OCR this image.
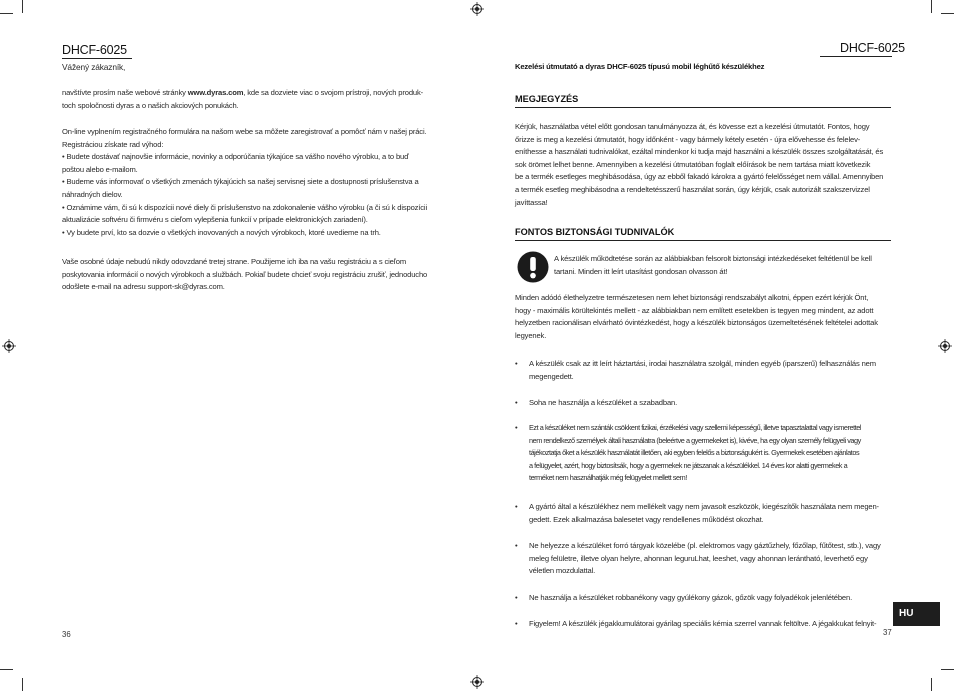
DHCF-6025
Vážený zákazník,
navštívte prosím naše webové stránky www.dyras.com, kde sa dozviete viac o svojom prístroji, nových produk-
toch spoločnosti dyras a o našich akciových ponukách.
On-line vyplnením registračného formulára na našom webe sa môžete zaregistrovať a pomôcť nám v našej práci.
Registráciou získate rad výhod:
• Budete dostávať najnovšie informácie, novinky a odporúčania týkajúce sa vášho nového výrobku, a to buď
poštou alebo e-mailom.
• Budeme vás informovať o všetkých zmenách týkajúcich sa našej servisnej siete a dostupnosti príslušenstva a
náhradných dielov.
• Oznámime vám, či sú k dispozícii nové diely či príslušenstvo na zdokonalenie vášho výrobku (a či sú k dispozícii
aktualizácie softvéru či firmvéru s cieľom vylepšenia funkcií v prípade elektronických zariadení).
• Vy budete prví, kto sa dozvie o všetkých inovovaných a nových výrobkoch, ktoré uvedieme na trh.
Vaše osobné údaje nebudú nikdy odovzdané tretej strane. Použijeme ich iba na vašu registráciu a s cieľom
poskytovania informácií o nových výrobkoch a službách. Pokiaľ budete chcieť svoju registráciu zrušiť, jednoducho
odošlete e-mail na adresu support-sk@dyras.com.
36
DHCF-6025
Kezelési útmutató a dyras DHCF-6025 típusú mobil léghűtő készülékhez
MEGJEGYZÉS
Kérjük, használatba vétel előtt gondosan tanulmányozza át, és kövesse ezt a kezelési útmutatót. Fontos, hogy
őrizze is meg a kezelési útmutatót, hogy időnként - vagy bármely kétely esetén - újra elővehesse és felelev-
eníthesse a használati tudnivalókat, ezáltal mindenkor ki tudja majd használni a készülék összes szolgáltatását, és
sok örömet lelhet benne. Amennyiben a kezelési útmutatóban foglalt előírások be nem tartása miatt következik
be a termék esetleges meghibásodása, úgy az ebből fakadó károkra a gyártó felelősséget nem vállal. Amennyiben
a termék esetleg meghibásodna a rendeltetésszerű használat során, úgy kérjük, csak autorizált szakszervizzel
javíttassa!
FONTOS BIZTONSÁGI TUDNIVALÓK
A készülék működtetése során az alábbiakban felsorolt biztonsági intézkedéseket feltétlenül be kell
tartani. Minden itt leírt utasítást gondosan olvasson át!
Minden adódó élethelyzetre természetesen nem lehet biztonsági rendszabályt alkotni, éppen ezért kérjük Önt,
hogy - maximális körültekintés mellett - az alábbiakban nem említett esetekben is tegyen meg mindent, az adott
helyzetben racionálisan elvárható óvintézkedést, hogy a készülék biztonságos üzemeltetésének feltételei adottak
legyenek.
• A készülék csak az itt leírt háztartási, irodai használatra szolgál, minden egyéb (iparszerű) felhasználás nem
megengedett.
• Soha ne használja a készüléket a szabadban.
• Ezt a készüléket nem szánták csökkent fizikai, érzékelési vagy szellemi képességű, illetve tapasztalattal vagy ismerettel
nem rendelkező személyek általi használatra (beleértve a gyermekeket is), kivéve, ha egy olyan személy felügyeli vagy
tájékoztatja őket a készülék használatát illetően, aki egyben felelős a biztonságukért is. Gyermekek esetében ajánlatos
a felügyelet, azért, hogy biztosítsák, hogy a gyermekek ne játszanak a készülékkel. 14 éves kor alatti gyermekek a
terméket nem használhatják még felügyelet mellett sem!
• A gyártó által a készülékhez nem mellékelt vagy nem javasolt eszközök, kiegészítők használata nem megen-
gedett. Ezek alkalmazása balesetet vagy rendellenes működést okozhat.
• Ne helyezze a készüléket forró tárgyak közelébe (pl. elektromos vagy gáztűzhely, főzőlap, fűtőtest, stb.), vagy
meleg felületre, illetve olyan helyre, ahonnan leguruLhat, leeshet, vagy ahonnan lerántható, leverhető egy
véletlen mozdulattal.
• Ne használja a készüléket robbanékony vagy gyúlékony gázok, gőzök vagy folyadékok jelenlétében.
• Figyelem! A készülék jégakkumulátorai gyárilag speciális kémia szerrel vannak feltöltve. A jégakkukat felnyit-
HU
37
